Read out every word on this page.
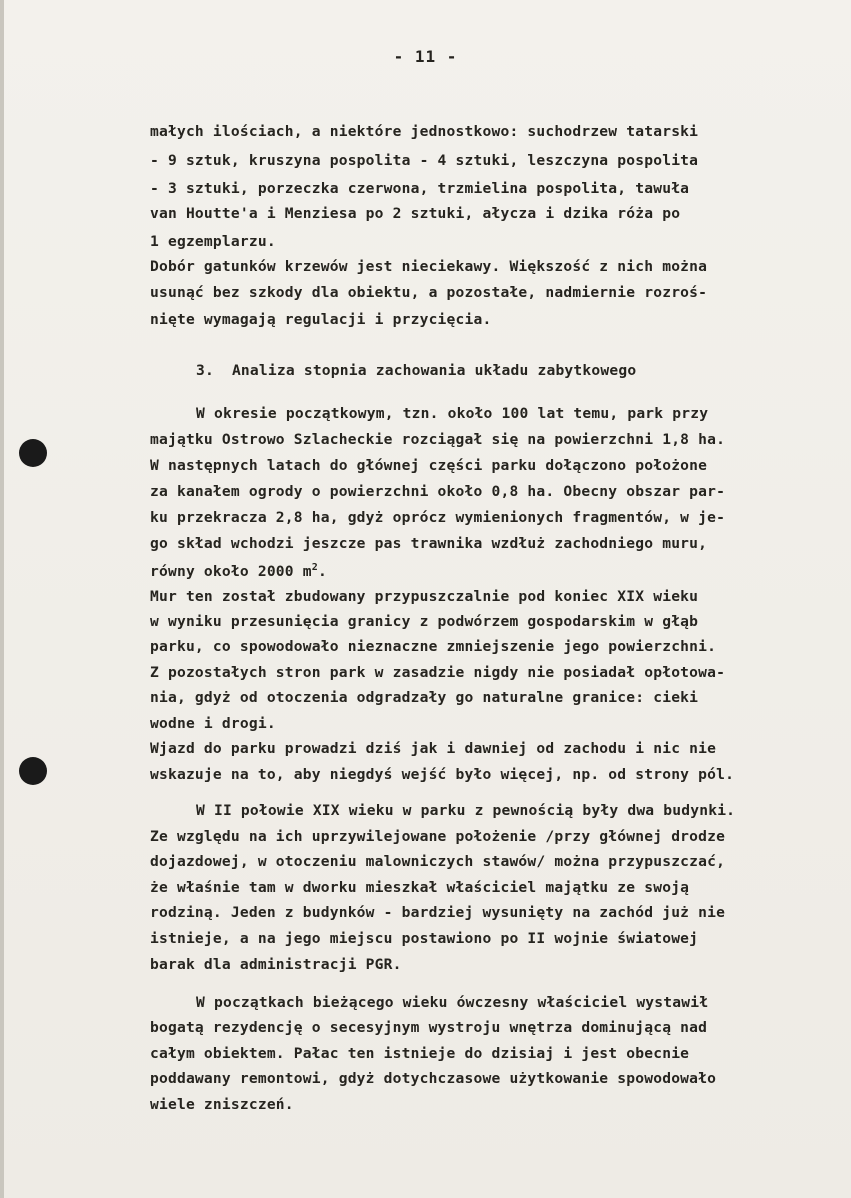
- 11 -
małych ilościach, a niektóre jednostkowo: suchodrzew tatarski
- 9 sztuk, kruszyna pospolita - 4 sztuki, leszczyna pospolita
- 3 sztuki, porzeczka czerwona, trzmielina pospolita, tawuła
van Houtte'a i Menziesa po 2 sztuki, ałycza i dzika róża po
1 egzemplarzu.
Dobór gatunków krzewów jest nieciekawy. Większość z nich można
usunąć bez szkody dla obiektu, a pozostałe, nadmiernie rozroś-
nięte wymagają regulacji i przycięcia.
3.  Analiza stopnia zachowania układu zabytkowego
W okresie początkowym, tzn. około 100 lat temu, park przy
majątku Ostrowo Szlacheckie rozciągał się na powierzchni 1,8 ha.
W następnych latach do głównej części parku dołączono położone
za kanałem ogrody o powierzchni około 0,8 ha. Obecny obszar par-
ku przekracza 2,8 ha, gdyż oprócz wymienionych fragmentów, w je-
go skład wchodzi jeszcze pas trawnika wzdłuż zachodniego muru,
równy około 2000 $m^2$.
Mur ten został zbudowany przypuszczalnie pod koniec XIX wieku
w wyniku przesunięcia granicy z podwórzem gospodarskim w głąb
parku, co spowodowało nieznaczne zmniejszenie jego powierzchni.
Z pozostałych stron park w zasadzie nigdy nie posiadał opłotowa-
nia, gdyż od otoczenia odgradzały go naturalne granice: cieki
wodne i drogi.
Wjazd do parku prowadzi dziś jak i dawniej od zachodu i nic nie
wskazuje na to, aby niegdyś wejść było więcej, np. od strony pól.
W II połowie XIX wieku w parku z pewnością były dwa budynki.
Ze względu na ich uprzywilejowane położenie /przy głównej drodze
dojazdowej, w otoczeniu malowniczych stawów/ można przypuszczać,
że właśnie tam w dworku mieszkał właściciel majątku ze swoją
rodziną. Jeden z budynków - bardziej wysunięty na zachód już nie
istnieje, a na jego miejscu postawiono po II wojnie światowej
barak dla administracji PGR.
W początkach bieżącego wieku ówczesny właściciel wystawił
bogatą rezydencję o secesyjnym wystroju wnętrza dominującą nad
całym obiektem. Pałac ten istnieje do dzisiaj i jest obecnie
poddawany remontowi, gdyż dotychczasowe użytkowanie spowodowało
wiele zniszczeń.
